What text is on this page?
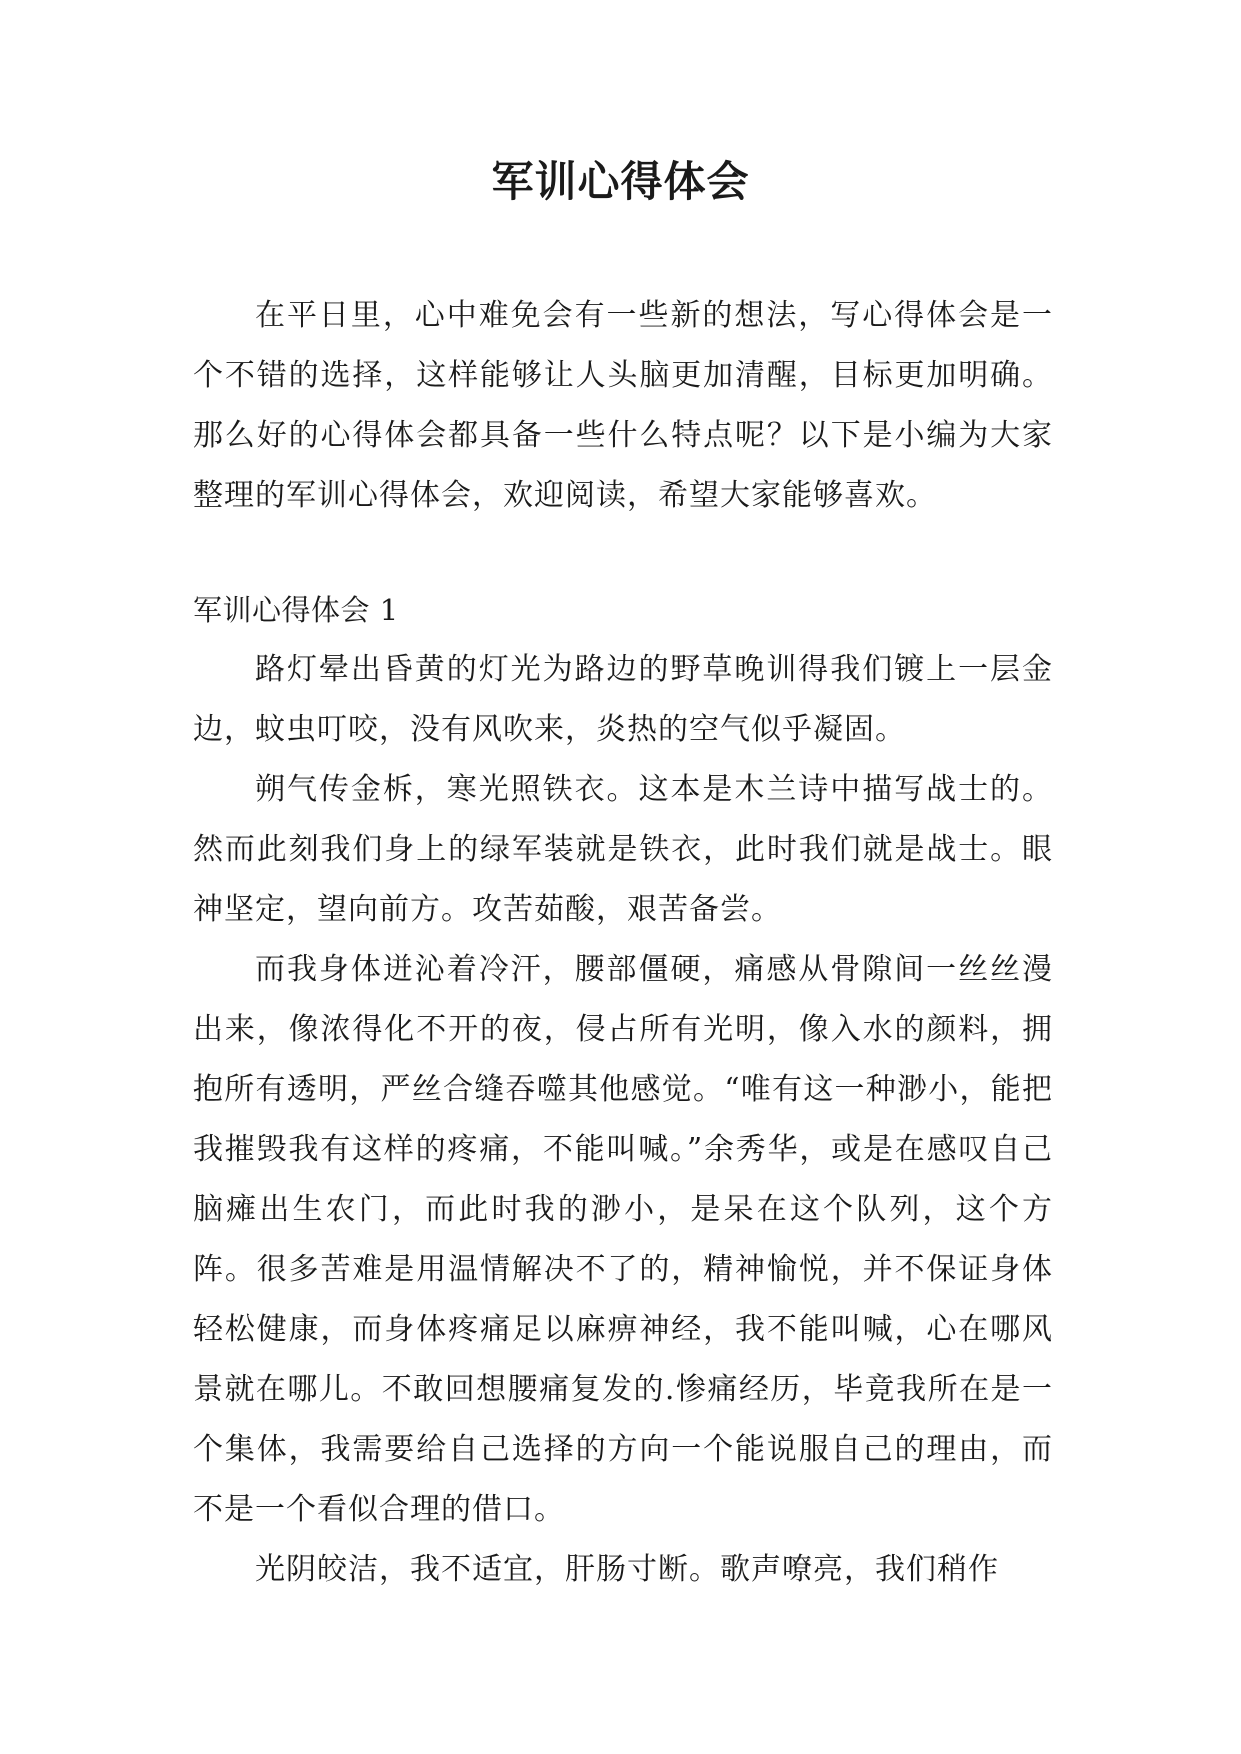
军训心得体会

在平日里，心中难免会有一些新的想法，写心得体会是一个不错的选择，这样能够让人头脑更加清醒，目标更加明确。那么好的心得体会都具备一些什么特点呢？以下是小编为大家整理的军训心得体会，欢迎阅读，希望大家能够喜欢。

军训心得体会 1

路灯晕出昏黄的灯光为路边的野草晚训得我们镀上一层金边，蚊虫叮咬，没有风吹来，炎热的空气似乎凝固。

朔气传金柝，寒光照铁衣。这本是木兰诗中描写战士的。然而此刻我们身上的绿军装就是铁衣，此时我们就是战士。眼神坚定，望向前方。攻苦茹酸，艰苦备尝。

而我身体迸沁着冷汗，腰部僵硬，痛感从骨隙间一丝丝漫出来，像浓得化不开的夜，侵占所有光明，像入水的颜料，拥抱所有透明，严丝合缝吞噬其他感觉。“唯有这一种渺小，能把我摧毁我有这样的疼痛，不能叫喊。”余秀华，或是在感叹自己脑瘫出生农门，而此时我的渺小，是呆在这个队列，这个方阵。很多苦难是用温情解决不了的，精神愉悦，并不保证身体轻松健康，而身体疼痛足以麻痹神经，我不能叫喊，心在哪风景就在哪儿。不敢回想腰痛复发的.惨痛经历，毕竟我所在是一个集体，我需要给自己选择的方向一个能说服自己的理由，而不是一个看似合理的借口。

光阴皎洁，我不适宜，肝肠寸断。歌声嘹亮，我们稍作
